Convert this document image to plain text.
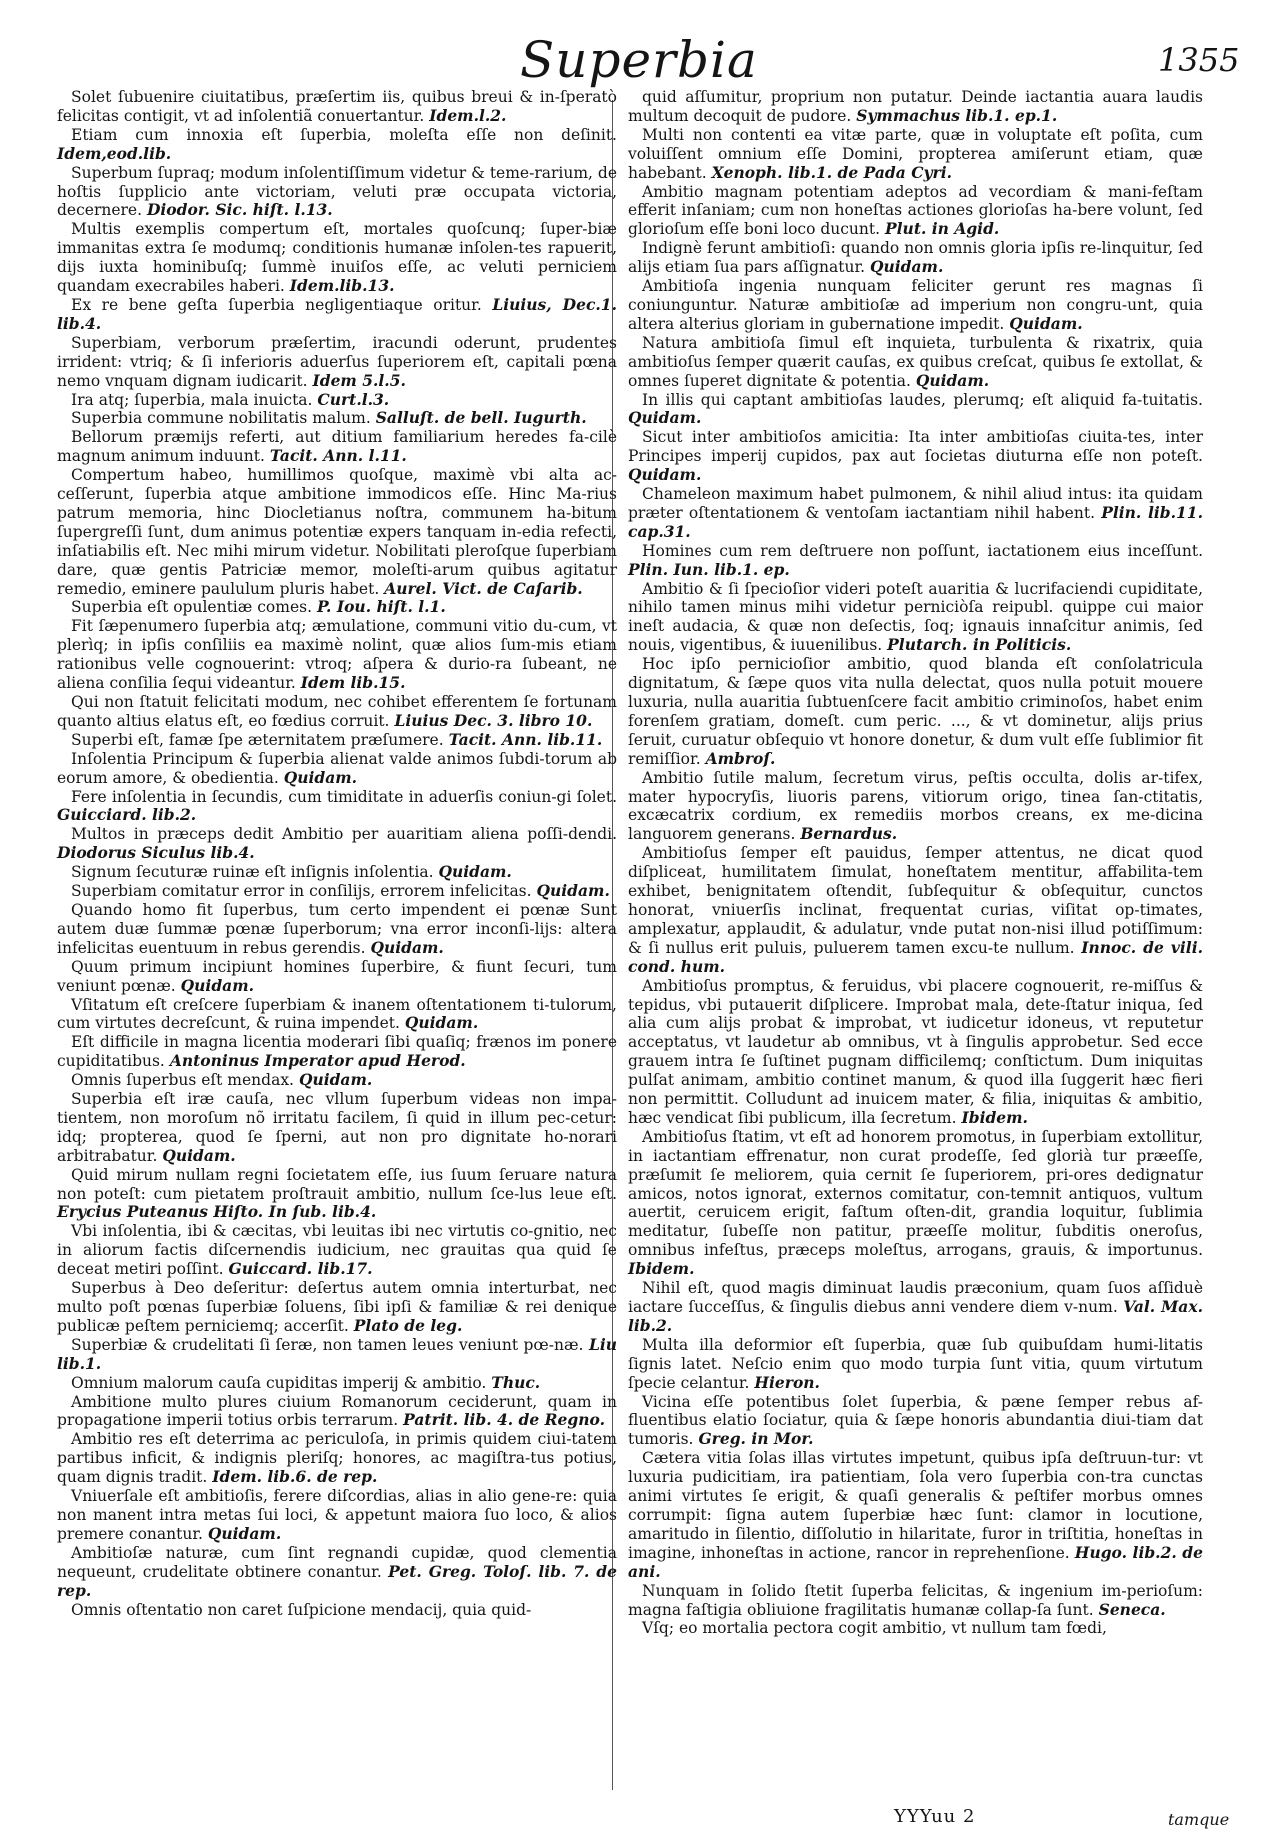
Superbia	1355

Solet ſubuenire ciuitatibus, præſertim iis, quibus breui & in-ſperatò felicitas contigit, vt ad inſolentiã conuertantur. Idem.l.2.

Etiam cum innoxia eſt ſuperbia, moleſta eſſe non deſinit. Idem,eod.lib.

Superbum ſupraq; modum inſolentiſſimum videtur & teme-rarium, de hoſtis ſupplicio ante victoriam, veluti præ occupata victoria, decernere. Diodor. Sic. hiſt. l.13.

Multis exemplis compertum eſt, mortales quoſcunq; ſuper-biæ immanitas extra ſe modumq; conditionis humanæ inſolen-tes rapuerit, dijs iuxta hominibuſq; ſummè inuiſos eſſe, ac veluti perniciem quandam execrabiles haberi. Idem.lib.13.

Ex re bene geſta ſuperbia negligentiaque oritur. Liuius, Dec.1. lib.4.

Superbiam, verborum præſertim, iracundi oderunt, prudentes irrident: vtriq; & ſi inferioris aduerſus ſuperiorem eſt, capitali pœna nemo vnquam dignam iudicarit. Idem 5.l.5.

Ira atq; ſuperbia, mala inuicta. Curt.l.3.

Superbia commune nobilitatis malum. Salluſt. de bell. Iugurth.

Bellorum præmijs referti, aut ditium familiarium heredes fa-cilè magnum animum induunt. Tacit. Ann. l.11.

Compertum habeo, humillimos quoſque, maximè vbi alta ac-ceſſerunt, ſuperbia atque ambitione immodicos eſſe. Hinc Ma-rius patrum memoria, hinc Diocletianus noſtra, communem ha-bitum ſupergreſſi ſunt, dum animus potentiæ expers tanquam in-edia refecti, inſatiabilis eſt. Nec mihi mirum videtur. Nobilitati pleroſque ſuperbiam dare, quæ gentis Patriciæ memor, moleſti-arum quibus agitatur remedio, eminere paululum pluris habet. Aurel. Vict. de Caſarib.

Superbia eſt opulentiæ comes. P. Iou. hiſt. l.1.

Fit ſæpenumero ſuperbia atq; æmulatione, communi vitio du-cum, vt plerìq; in ipſis conſiliis ea maximè nolint, quæ alios ſum-mis etiam rationibus velle cognouerint: vtroq; aſpera & durio-ra ſubeant, ne aliena conſilia ſequi videantur. Idem lib.15.

Qui non ſtatuit felicitati modum, nec cohibet efferentem ſe fortunam quanto altius elatus eſt, eo fœdius corruit. Liuius Dec. 3. libro 10.

Superbi eſt, famæ ſpe æternitatem præſumere. Tacit. Ann. lib.11.

Inſolentia Principum & ſuperbia alienat valde animos ſubdi-torum ab eorum amore, & obedientia. Quidam.

Fere inſolentia in ſecundis, cum timiditate in aduerſis coniun-gi ſolet. Guicciard. lib.2.

Multos in præceps dedit Ambitio per auaritiam aliena poſſi-dendi. Diodorus Siculus lib.4.

Signum ſecuturæ ruinæ eſt inſignis inſolentia. Quidam.

Superbiam comitatur error in conſilijs, errorem infelicitas. Quidam.

Quando homo fit ſuperbus, tum certo impendent ei pœnæ Sunt autem duæ ſummæ pœnæ ſuperborum; vna error inconſi-lijs: altera infelicitas euentuum in rebus gerendis. Quidam.

Quum primum incipiunt homines ſuperbire, & fiunt ſecuri, tum veniunt pœnæ. Quidam.

Vſitatum eſt creſcere ſuperbiam & inanem oſtentationem ti-tulorum, cum virtutes decreſcunt, & ruina impendet. Quidam.

Eſt difficile in magna licentia moderari ſibi quaſiq; frænos im ponere cupiditatibus. Antoninus Imperator apud Herod.

Omnis ſuperbus eſt mendax. Quidam.

Superbia eſt iræ cauſa, nec vllum ſuperbum videas non impa-tientem, non moroſum nõ irritatu facilem, ſi quid in illum pec-cetur: idq; propterea, quod ſe ſperni, aut non pro dignitate ho-norari arbitrabatur. Quidam.

Quid mirum nullam regni ſocietatem eſſe, ius ſuum ſeruare natura non poteſt: cum pietatem proſtrauit ambitio, nullum ſce-lus leue eſt. Erycius Puteanus Hiſto. In ſub. lib.4.

Vbi inſolentia, ibi & cæcitas, vbi leuitas ibi nec virtutis co-gnitio, nec in aliorum factis diſcernendis iudicium, nec grauitas qua quid ſe deceat metiri poſſint. Guiccard. lib.17.

Superbus à Deo deſeritur: deſertus autem omnia interturbat, nec multo poſt pœnas ſuperbiæ ſoluens, ſibi ipſi & familiæ & rei denique publicæ peſtem perniciemq; accerſit. Plato de leg.

Superbiæ & crudelitati ſi ſeræ, non tamen leues veniunt pœ-næ. Liu lib.1.

Omnium malorum cauſa cupiditas imperij & ambitio. Thuc.

Ambitione multo plures ciuium Romanorum ceciderunt, quam in propagatione imperii totius orbis terrarum. Patrit. lib. 4. de Regno.

Ambitio res eſt deterrima ac periculoſa, in primis quidem ciui-tatem partibus inficit, & indignis pleriſq; honores, ac magiſtra-tus potius, quam dignis tradit. Idem. lib.6. de rep.

Vniuerſale eſt ambitioſis, ferere diſcordias, alias in alio gene-re: quia non manent intra metas ſui loci, & appetunt maiora ſuo loco, & alios premere conantur. Quidam.

Ambitioſæ naturæ, cum ſint regnandi cupidæ, quod clementia nequeunt, crudelitate obtinere conantur. Pet. Greg. Toloſ. lib. 7. de rep.

Omnis oſtentatio non caret ſuſpicione mendacij, quia quid-

quid aſſumitur, proprium non putatur. Deinde iactantia auara laudis multum decoquit de pudore. Symmachus lib.1. ep.1.

Multi non contenti ea vitæ parte, quæ in voluptate eſt poſita, cum voluiſſent omnium eſſe Domini, propterea amiſerunt etiam, quæ habebant. Xenoph. lib.1. de Pada Cyri.

Ambitio magnam potentiam adeptos ad vecordiam & mani-feſtam efferit inſaniam; cum non honeſtas actiones glorioſas ha-bere volunt, ſed glorioſum eſſe boni loco ducunt. Plut. in Agid.

Indignè ferunt ambitioſi: quando non omnis gloria ipſis re-linquitur, ſed alijs etiam ſua pars aſſignatur. Quidam.

Ambitioſa ingenia nunquam feliciter gerunt res magnas ſi coniunguntur. Naturæ ambitioſæ ad imperium non congru-unt, quia altera alterius gloriam in gubernatione impedit. Quidam.

Natura ambitioſa ſimul eſt inquieta, turbulenta & rixatrix, quia ambitioſus ſemper quærit cauſas, ex quibus creſcat, quibus ſe extollat, & omnes ſuperet dignitate & potentia. Quidam.

In illis qui captant ambitioſas laudes, plerumq; eſt aliquid fa-tuitatis. Quidam.

Sicut inter ambitioſos amicitia: Ita inter ambitioſas ciuita-tes, inter Principes imperij cupidos, pax aut ſocietas diuturna eſſe non poteſt. Quidam.

Chameleon maximum habet pulmonem, & nihil aliud intus: ita quidam præter oſtentationem & ventoſam iactantiam nihil habent. Plin. lib.11. cap.31.

Homines cum rem deſtruere non poſſunt, iactationem eius inceſſunt. Plin. Iun. lib.1. ep.

Ambitio & ſi ſpecioſior videri poteſt auaritia & lucrifaciendi cupiditate, nihilo tamen minus mihi videtur perniciòſa reipubl. quippe cui maior ineſt audacia, & quæ non deſectis, ſoq; ignauis innaſcitur animis, ſed nouis, vigentibus, & iuuenilibus. Plutarch. in Politicis.

Hoc ipſo pernicioſior ambitio, quod blanda eſt conſolatricula dignitatum, & ſæpe quos vita nulla delectat, quos nulla potuit mouere luxuria, nulla auaritia ſubtuenſcere facit ambitio criminoſos, habet enim forenſem gratiam, domeſt. cum peric. ..., & vt dominetur, alijs prius ſeruit, curuatur obſequio vt honore donetur, & dum vult eſſe ſublimior fit remiſſior. Ambroſ.

Ambitio ſutile malum, ſecretum virus, peſtis occulta, dolis ar-tifex, mater hypocryſis, liuoris parens, vitiorum origo, tinea ſan-ctitatis, excæcatrix cordium, ex remediis morbos creans, ex me-dicina languorem generans. Bernardus.

Ambitioſus ſemper eſt pauidus, ſemper attentus, ne dicat quod diſpliceat, humilitatem ſimulat, honeſtatem mentitur, affabilita-tem exhibet, benignitatem oſtendit, ſubſequitur & obſequitur, cunctos honorat, vniuerſis inclinat, frequentat curias, viſitat op-timates, amplexatur, applaudit, & adulatur, vnde putat non-nisi illud potiſſimum: & ſi nullus erit puluis, puluerem tamen excu-te nullum. Innoc. de vili. cond. hum.

Ambitioſus promptus, & feruidus, vbi placere cognouerit, re-miſſus & tepidus, vbi putauerit diſplicere. Improbat mala, dete-ſtatur iniqua, ſed alia cum alijs probat & improbat, vt iudicetur idoneus, vt reputetur acceptatus, vt laudetur ab omnibus, vt à ſingulis approbetur. Sed ecce grauem intra ſe ſuſtinet pugnam difficilemq; conſtictum. Dum iniquitas pulſat animam, ambitio continet manum, & quod illa ſuggerit hæc fieri non permittit. Colludunt ad inuicem mater, & filia, iniquitas & ambitio, hæc vendicat ſibi publicum, illa ſecretum. Ibidem.

Ambitioſus ſtatim, vt eſt ad honorem promotus, in ſuperbiam extollitur, in iactantiam effrenatur, non curat prodeſſe, ſed glorià tur præeſſe, præſumit ſe meliorem, quia cernit ſe ſuperiorem, pri-ores dedignatur amicos, notos ignorat, externos comitatur, con-temnit antiquos, vultum auertit, ceruicem erigit, faſtum oſten-dit, grandia loquitur, ſublimia meditatur, ſubeſſe non patitur, præeſſe molitur, ſubditis oneroſus, omnibus infeſtus, præceps moleſtus, arrogans, grauis, & importunus. Ibidem.

Nihil eſt, quod magis diminuat laudis præconium, quam ſuos aſſiduè iactare ſucceſſus, & ſingulis diebus anni vendere diem v-num. Val. Max. lib.2.

Multa illa deformior eſt ſuperbia, quæ ſub quibuſdam humi-litatis ſignis latet. Neſcio enim quo modo turpia ſunt vitia, quum virtutum ſpecie celantur. Hieron.

Vicina eſſe potentibus ſolet ſuperbia, & pæne ſemper rebus af-fluentibus elatio ſociatur, quia & ſæpe honoris abundantia diui-tiam dat tumoris. Greg. in Mor.

Cætera vitia ſolas illas virtutes impetunt, quibus ipſa deſtruun-tur: vt luxuria pudicitiam, ira patientiam, ſola vero ſuperbia con-tra cunctas animi virtutes ſe erigit, & quaſi generalis & peſtifer morbus omnes corrumpit: ſigna autem ſuperbiæ hæc ſunt: clamor in locutione, amaritudo in ſilentio, diſſolutio in hilaritate, furor in triſtitia, honeſtas in imagine, inhoneſtas in actione, rancor in reprehenſione. Hugo. lib.2. de ani.

Nunquam in ſolido ſtetit ſuperba felicitas, & ingenium im-perioſum: magna faſtigia obliuione fragilitatis humanæ collap-ſa ſunt. Seneca.

Vſq; eo mortalia pectora cogit ambitio, vt nullum tam fœdi,

YYYuu 2	tamque
